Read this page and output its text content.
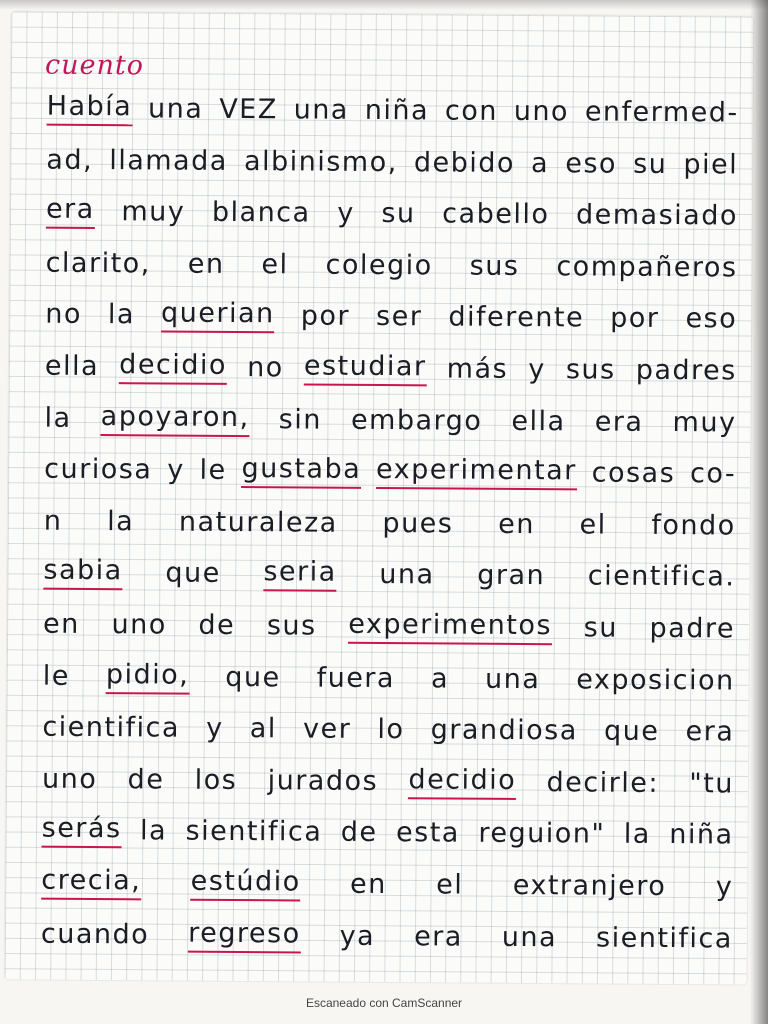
cuento
Había una VEZ una niña con uno enfermed-
ad, llamada albinismo, debido a eso su piel
era muy blanca y su cabello demasiado
clarito, en el colegio sus compañeros
no la querian por ser diferente por eso
ella decidio no estudiar más y sus padres
la apoyaron, sin embargo ella era muy
curiosa y le gustaba experimentar cosas co-
n la naturaleza pues en el fondo
sabia que seria una gran cientifica.
en uno de sus experimentos su padre
le pidio, que fuera a una exposicion
cientifica y al ver lo grandiosa que era
uno de los jurados decidio decirle: "tu
serás la sientifica de esta reguion" la niña
crecia, estúdio en el extranjero y
cuando regreso ya era una sientifica
Escaneado con CamScanner
